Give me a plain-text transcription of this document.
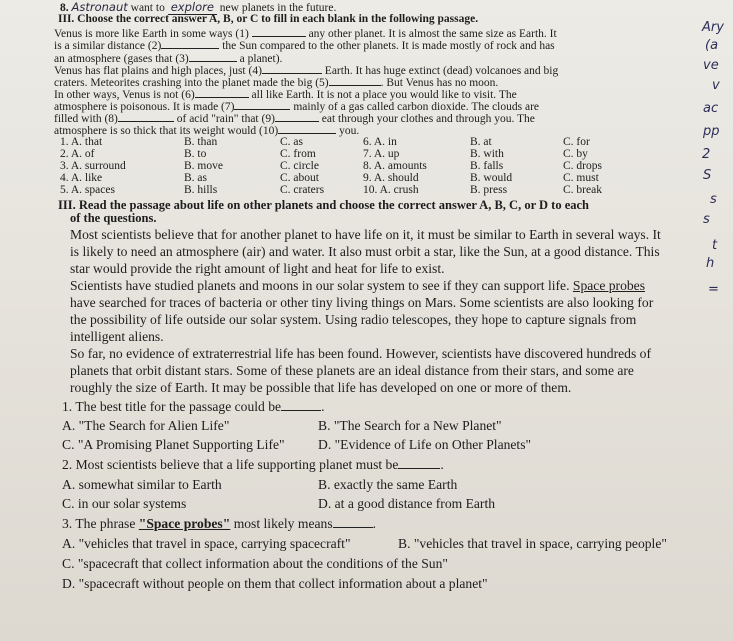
8. Astronaut want to explore new planets in the future.
III. Choose the correct answer A, B, or C to fill in each blank in the following passage.
Venus is more like Earth in some ways (1)	any other planet. It is almost the same size as Earth. It
is a similar distance (2)	the Sun compared to the other planets. It is made mostly of rock and has
an atmosphere (gases that (3)	a planet).
Venus has flat plains and high places, just (4)	Earth. It has huge extinct (dead) volcanoes and big
craters. Meteorites crashing into the planet made the big (5)	. But Venus has no moon.
In other ways, Venus is not (6)	all like Earth. It is not a place you would like to visit. The
atmosphere is poisonous. It is made (7)	mainly of a gas called carbon dioxide. The clouds are
filled with (8)	of acid "rain" that (9)	eat through your clothes and through you. The
atmosphere is so thick that its weight would (10)	you.
1. A. that	B. than	C. as	6. A. in	B. at	C. for
2. A. of	B. to	C. from	7. A. up	B. with	C. by
3. A. surround	B. move	C. circle	8. A. amounts	B. falls	C. drops
4. A. like	B. as	C. about	9. A. should	B. would	C. must
5. A. spaces	B. hills	C. craters	10. A. crush	B. press	C. break
III. Read the passage about life on other planets and choose the correct answer A, B, C, or D to each
of the questions.
Most scientists believe that for another planet to have life on it, it must be similar to Earth in several ways. It
is likely to need an atmosphere (air) and water. It also must orbit a star, like the Sun, at a good distance. This
star would provide the right amount of light and heat for life to exist.
Scientists have studied planets and moons in our solar system to see if they can support life. Space probes
have searched for traces of bacteria or other tiny living things on Mars. Some scientists are also looking for
the possibility of life outside our solar system. Using radio telescopes, they hope to capture signals from
intelligent aliens.
So far, no evidence of extraterrestrial life has been found. However, scientists have discovered hundreds of
planets that orbit distant stars. Some of these planets are an ideal distance from their stars, and some are
roughly the size of Earth. It may be possible that life has developed on one or more of them.
1. The best title for the passage could be	.
A. "The Search for Alien Life"	B. "The Search for a New Planet"
C. "A Promising Planet Supporting Life" D. "Evidence of Life on Other Planets"
2. Most scientists believe that a life supporting planet must be	.
A. somewhat similar to Earth	B. exactly the same Earth
C. in our solar systems	D. at a good distance from Earth
3. The phrase "Space probes" most likely means	.
A. "vehicles that travel in space, carrying spacecraft"	B. "vehicles that travel in space, carrying people"
C. "spacecraft that collect information about the conditions of the Sun"
D. "spacecraft without people on them that collect information about a planet"
Ary
(a
ve
v
ac
pp
2
S
s
s
t
h
=
